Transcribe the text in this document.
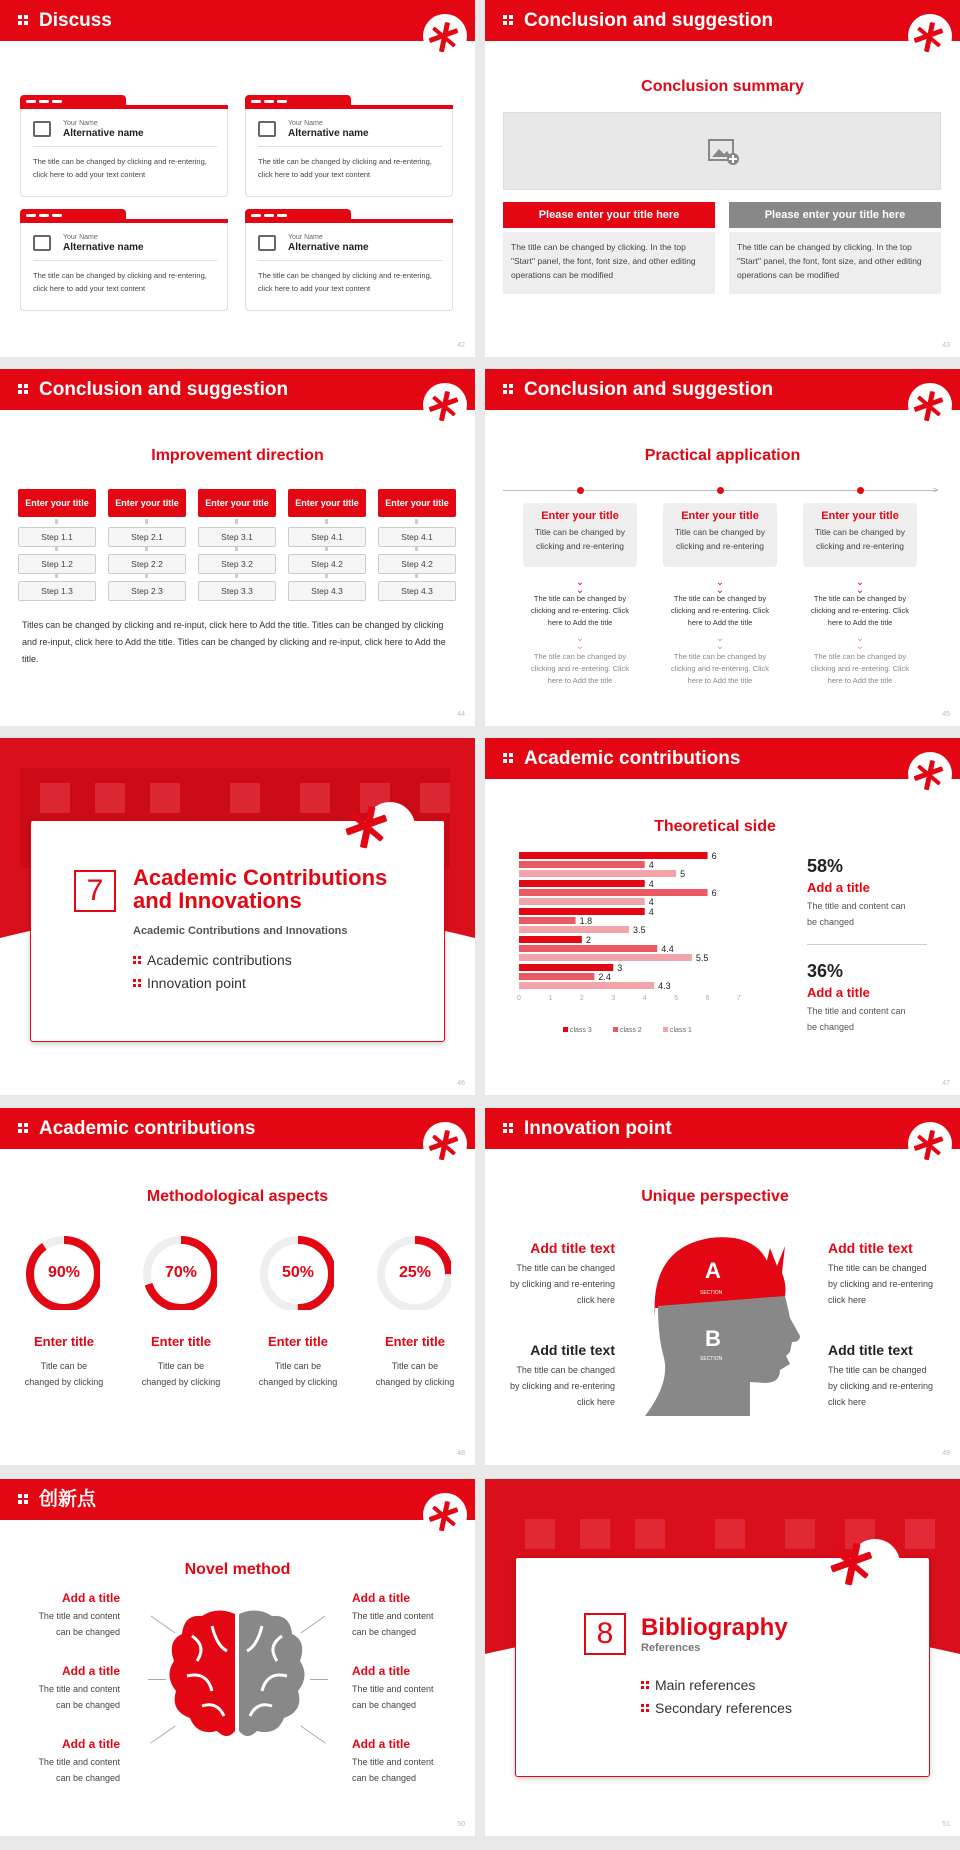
Discuss
Your Name
Alternative name
The title can be changed by clicking and re-entering, click here to add your text content
Your Name
Alternative name
The title can be changed by clicking and re-entering, click here to add your text content
Your Name
Alternative name
The title can be changed by clicking and re-entering, click here to add your text content
Your Name
Alternative name
The title can be changed by clicking and re-entering, click here to add your text content
42
Conclusion and suggestion
Conclusion summary
Please enter your title here	Please enter your title here
The title can be changed by clicking. In the top "Start" panel, the font, font size, and other editing operations can be modified
The title can be changed by clicking. In the top "Start" panel, the font, font size, and other editing operations can be modified
43
Conclusion and suggestion
Improvement direction
Enter your title
Step 1.1
Step 1.2
Step 1.3
Enter your title
Step 2.1
Step 2.2
Step 2.3
Enter your title
Step 3.1
Step 3.2
Step 3.3
Enter your title
Step 4.1
Step 4.2
Step 4.3
Enter your title
Step 4.1
Step 4.2
Step 4.3
Titles can be changed by clicking and re-input, click here to Add the title. Titles can be changed by clicking and re-input, click here to Add the title. Titles can be changed by clicking and re-input, click here to Add the title.
44
Conclusion and suggestion
Practical application
>
Enter your title
Title can be changed by clicking and re-entering
⌄
⌄
⌄
⌄
The title can be changed by clicking and re-entering. Click here to Add the title
The title can be changed by clicking and re-entering. Click here to Add the title
Enter your title
Title can be changed by clicking and re-entering
⌄
⌄
⌄
⌄
The title can be changed by clicking and re-entering. Click here to Add the title
The title can be changed by clicking and re-entering. Click here to Add the title
Enter your title
Title can be changed by clicking and re-entering
⌄
⌄
⌄
⌄
The title can be changed by clicking and re-entering. Click here to Add the title
The title can be changed by clicking and re-entering. Click here to Add the title
45
7	Academic Contributions
and Innovations
Academic Contributions and Innovations
Academic contributions
Innovation point
46
Academic contributions
Theoretical side
0	1	2	3	4	5	6	7
6
4
5
4
6
4
4
1.8
3.5
2
4.4
5.5
3
2.4
4.3
class 3	class 2	class 1
58%
Add a title
The title and content can be changed
36%
Add a title
The title and content can be changed
47
Academic contributions
Methodological aspects
90%
Enter title
Title can be changed by clicking
70%
Enter title
Title can be changed by clicking
50%
Enter title
Title can be changed by clicking
25%
Enter title
Title can be changed by clicking
48
Innovation point
Unique perspective
A
SECTION
B
SECTION
Add title text
The title can be changed by clicking and re-entering click here
Add title text
The title can be changed by clicking and re-entering click here
Add title text
The title can be changed by clicking and re-entering click here
Add title text
The title can be changed by clicking and re-entering click here
49
创新点
Novel method
Add a title
The title and content can be changed
Add a title
The title and content can be changed
Add a title
The title and content can be changed
Add a title
The title and content can be changed
Add a title
The title and content can be changed
Add a title
The title and content can be changed
50
8	Bibliography
References
Main references
Secondary references
51
